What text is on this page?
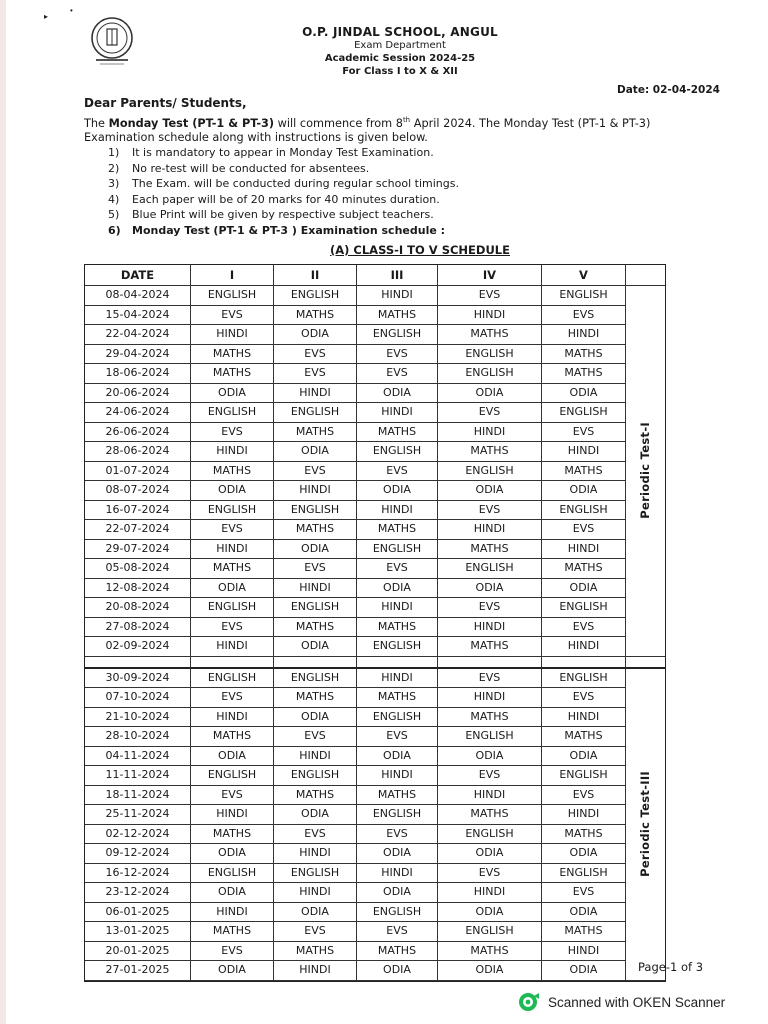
▸
•
O.P. JINDAL SCHOOL, ANGUL
Exam Department
Academic Session 2024-25
For Class I to X & XII
Date: 02-04-2024
Dear Parents/ Students,
The Monday Test (PT-1 & PT-3) will commence from 8th April 2024. The Monday Test (PT-1 & PT-3) Examination schedule along with instructions is given below.
1) It is mandatory to appear in Monday Test Examination.
2) No re-test will be conducted for absentees.
3) The Exam. will be conducted during regular school timings.
4) Each paper will be of 20 marks for 40 minutes duration.
5) Blue Print will be given by respective subject teachers.
6) Monday Test (PT-1 & PT-3 ) Examination schedule :
(A) CLASS-I TO V SCHEDULE
DATE	I	II	III	IV	V
08-04-2024	ENGLISH	ENGLISH	HINDI	EVS	ENGLISH
Periodic Test-I
15-04-2024	EVS	MATHS	MATHS	HINDI	EVS
22-04-2024	HINDI	ODIA	ENGLISH	MATHS	HINDI
29-04-2024	MATHS	EVS	EVS	ENGLISH	MATHS
18-06-2024	MATHS	EVS	EVS	ENGLISH	MATHS
20-06-2024	ODIA	HINDI	ODIA	ODIA	ODIA
24-06-2024	ENGLISH	ENGLISH	HINDI	EVS	ENGLISH
26-06-2024	EVS	MATHS	MATHS	HINDI	EVS
28-06-2024	HINDI	ODIA	ENGLISH	MATHS	HINDI
01-07-2024	MATHS	EVS	EVS	ENGLISH	MATHS
08-07-2024	ODIA	HINDI	ODIA	ODIA	ODIA
16-07-2024	ENGLISH	ENGLISH	HINDI	EVS	ENGLISH
22-07-2024	EVS	MATHS	MATHS	HINDI	EVS
29-07-2024	HINDI	ODIA	ENGLISH	MATHS	HINDI
05-08-2024	MATHS	EVS	EVS	ENGLISH	MATHS
12-08-2024	ODIA	HINDI	ODIA	ODIA	ODIA
20-08-2024	ENGLISH	ENGLISH	HINDI	EVS	ENGLISH
27-08-2024	EVS	MATHS	MATHS	HINDI	EVS
02-09-2024	HINDI	ODIA	ENGLISH	MATHS	HINDI
30-09-2024	ENGLISH	ENGLISH	HINDI	EVS	ENGLISH
Periodic Test-III
07-10-2024	EVS	MATHS	MATHS	HINDI	EVS
21-10-2024	HINDI	ODIA	ENGLISH	MATHS	HINDI
28-10-2024	MATHS	EVS	EVS	ENGLISH	MATHS
04-11-2024	ODIA	HINDI	ODIA	ODIA	ODIA
11-11-2024	ENGLISH	ENGLISH	HINDI	EVS	ENGLISH
18-11-2024	EVS	MATHS	MATHS	HINDI	EVS
25-11-2024	HINDI	ODIA	ENGLISH	MATHS	HINDI
02-12-2024	MATHS	EVS	EVS	ENGLISH	MATHS
09-12-2024	ODIA	HINDI	ODIA	ODIA	ODIA
16-12-2024	ENGLISH	ENGLISH	HINDI	EVS	ENGLISH
23-12-2024	ODIA	HINDI	ODIA	HINDI	EVS
06-01-2025	HINDI	ODIA	ENGLISH	ODIA	ODIA
13-01-2025	MATHS	EVS	EVS	ENGLISH	MATHS
20-01-2025	EVS	MATHS	MATHS	MATHS	HINDI
27-01-2025	ODIA	HINDI	ODIA	ODIA	ODIA	Page-1 of 3
Scanned with OKEN Scanner
